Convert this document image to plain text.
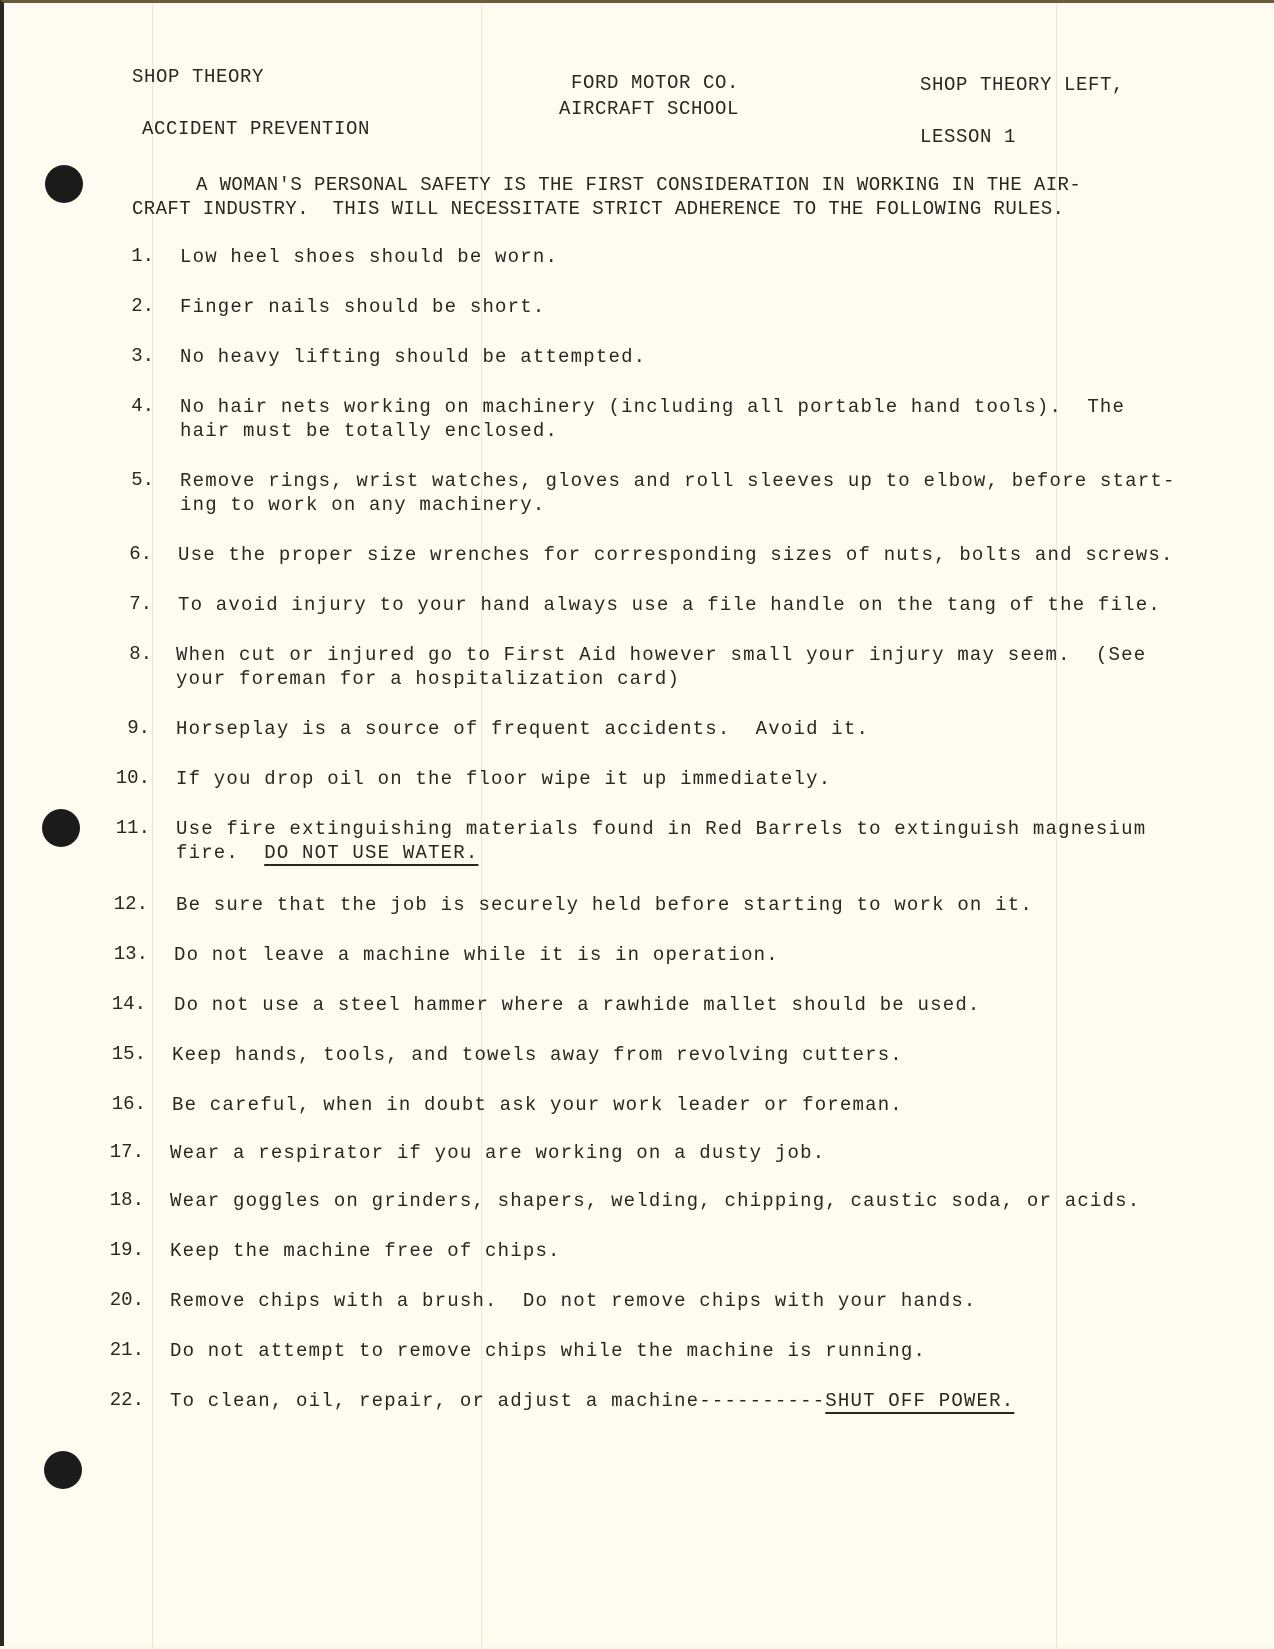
SHOP THEORY
ACCIDENT PREVENTION
FORD MOTOR CO.
AIRCRAFT SCHOOL
SHOP THEORY LEFT,
LESSON 1
A WOMAN'S PERSONAL SAFETY IS THE FIRST CONSIDERATION IN WORKING IN THE AIR-
CRAFT INDUSTRY.  THIS WILL NECESSITATE STRICT ADHERENCE TO THE FOLLOWING RULES.
1. Low heel shoes should be worn.
2. Finger nails should be short.
3. No heavy lifting should be attempted.
4. No hair nets working on machinery (including all portable hand tools).  The
hair must be totally enclosed.
5. Remove rings, wrist watches, gloves and roll sleeves up to elbow, before start-
ing to work on any machinery.
6. Use the proper size wrenches for corresponding sizes of nuts, bolts and screws.
7. To avoid injury to your hand always use a file handle on the tang of the file.
8. When cut or injured go to First Aid however small your injury may seem.  (See
your foreman for a hospitalization card)
9. Horseplay is a source of frequent accidents.  Avoid it.
10. If you drop oil on the floor wipe it up immediately.
11. Use fire extinguishing materials found in Red Barrels to extinguish magnesium
fire.  DO NOT USE WATER.
12. Be sure that the job is securely held before starting to work on it.
13. Do not leave a machine while it is in operation.
14. Do not use a steel hammer where a rawhide mallet should be used.
15. Keep hands, tools, and towels away from revolving cutters.
16. Be careful, when in doubt ask your work leader or foreman.
17. Wear a respirator if you are working on a dusty job.
18. Wear goggles on grinders, shapers, welding, chipping, caustic soda, or acids.
19. Keep the machine free of chips.
20. Remove chips with a brush.  Do not remove chips with your hands.
21. Do not attempt to remove chips while the machine is running.
22. To clean, oil, repair, or adjust a machine----------SHUT OFF POWER.
